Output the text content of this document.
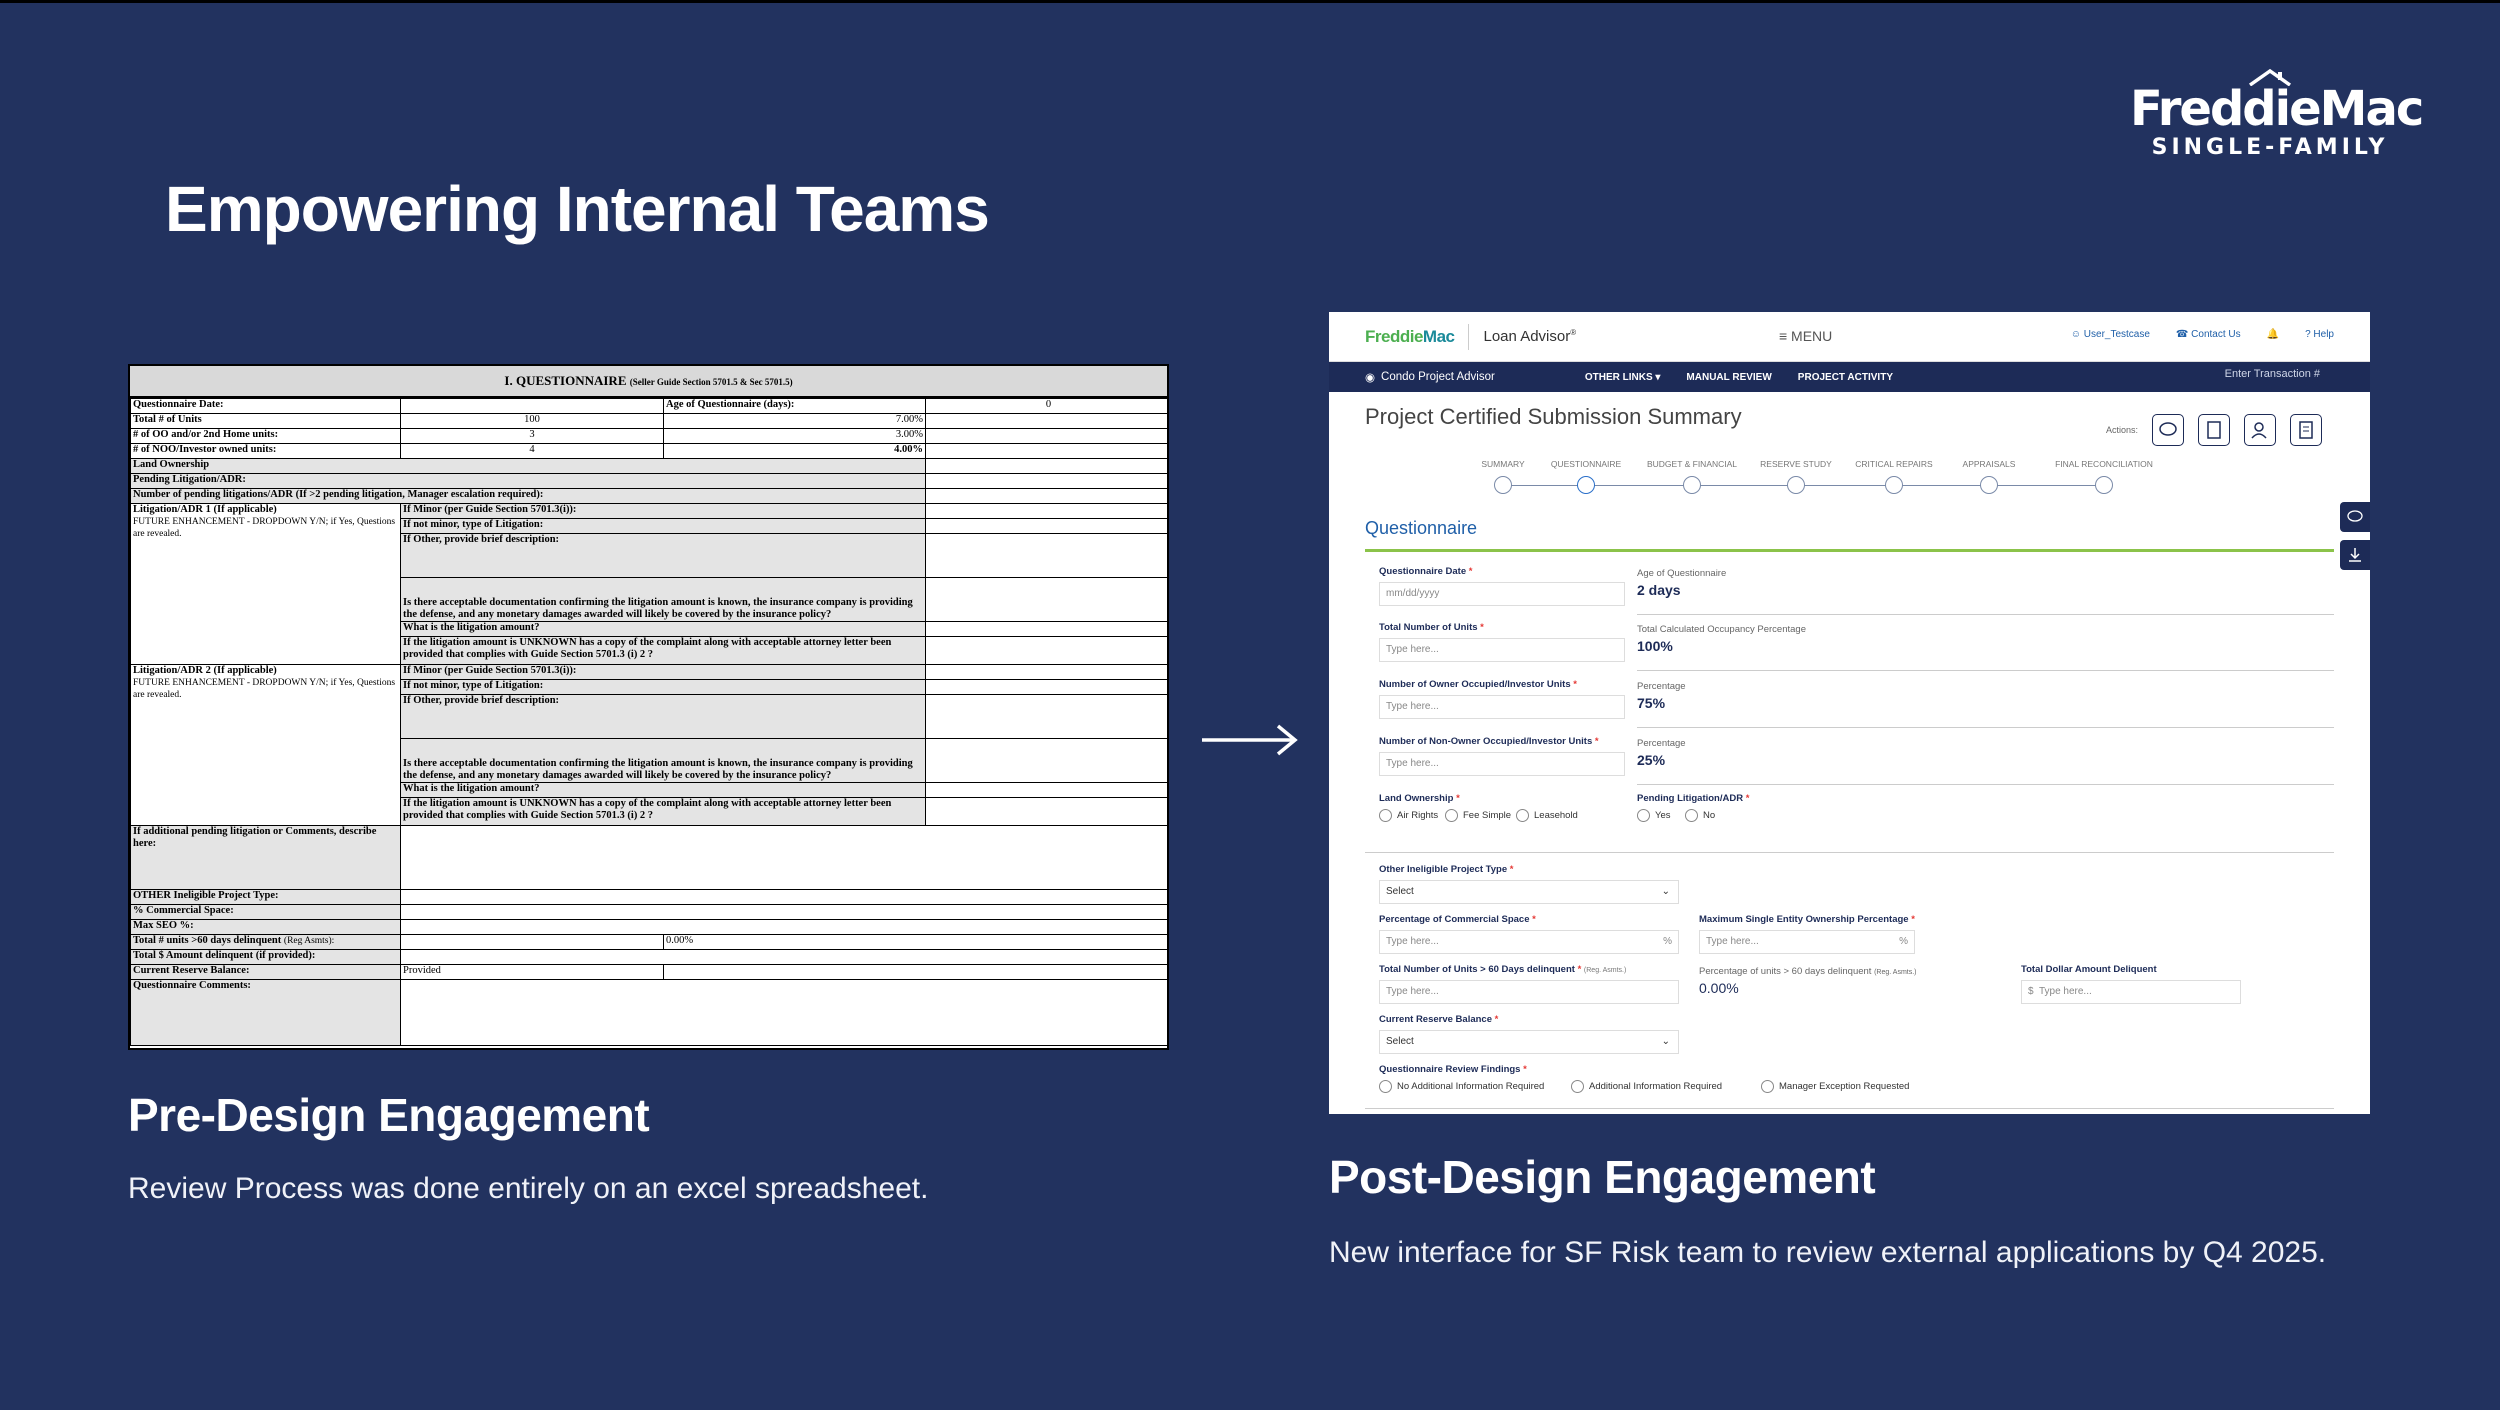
FreddieMac
SINGLE-FAMILY
Empowering Internal Teams
I. QUESTIONNAIRE (Seller Guide Section 5701.5 & Sec 5701.5)
Questionnaire Date:		Age of Questionnaire (days):	0
Total # of Units	100	7.00%	
# of OO and/or 2nd Home units:	3	3.00%	
# of NOO/Investor owned units:	4	4.00%	
Land Ownership			
Pending Litigation/ADR:			
Number of pending litigations/ADR (If >2 pending litigation, Manager escalation required):			

Litigation/ADR 1 (If applicable)
FUTURE ENHANCEMENT - DROPDOWN Y/N; if Yes, Questions are revealed.	If Minor (per Guide Section 5701.3(i)):		
	If not minor, type of Litigation:		
	If Other, provide brief description:		
	Is there acceptable documentation confirming the litigation amount is known, the insurance company is providing the defense, and any monetary damages awarded will likely be covered by the insurance policy?		
	What is the litigation amount?		
	If the litigation amount is UNKNOWN has a copy of the complaint along with acceptable attorney letter been provided that complies with Guide Section 5701.3 (i) 2 ?		

Litigation/ADR 2 (If applicable)
FUTURE ENHANCEMENT - DROPDOWN Y/N; if Yes, Questions are revealed.	If Minor (per Guide Section 5701.3(i)):		
	If not minor, type of Litigation:		
	If Other, provide brief description:		
	Is there acceptable documentation confirming the litigation amount is known, the insurance company is providing the defense, and any monetary damages awarded will likely be covered by the insurance policy?		
	What is the litigation amount?		
	If the litigation amount is UNKNOWN has a copy of the complaint along with acceptable attorney letter been provided that complies with Guide Section 5701.3 (i) 2 ?		
If additional pending litigation or Comments, describe here:			
OTHER Ineligible Project Type:			
% Commercial Space:			
Max SEO %:			
Total # units >60 days delinquent (Reg Asmts):		0.00%	
Total $ Amount delinquent (if provided):			
Current Reserve Balance:	Provided		
Questionnaire Comments:			
Pre-Design Engagement
Review Process was done entirely on an excel spreadsheet.
FreddieMac Loan Advisor®	≡ MENU	☺ User_Testcase	☎ Contact Us	🔔	? Help
◉ Condo Project Advisor	OTHER LINKS ▾	MANUAL REVIEW	PROJECT ACTIVITY	Enter Transaction #
Project Certified Submission Summary
Actions:
SUMMARY	QUESTIONNAIRE	BUDGET & FINANCIAL	RESERVE STUDY	CRITICAL REPAIRS	APPRAISALS	FINAL RECONCILIATION
Questionnaire
Questionnaire Date *
mm/dd/yyyy
Age of Questionnaire
2 days
Total Number of Units *
Type here...
Total Calculated Occupancy Percentage
100%
Number of Owner Occupied/Investor Units *
Type here...
Percentage
75%
Number of Non-Owner Occupied/Investor Units *
Type here...
Percentage
25%
Land Ownership *
Air Rights	Fee Simple Leasehold
Pending Litigation/ADR *
Yes	No
Other Ineligible Project Type *
Select	⌄
Percentage of Commercial Space *
Type here...	%
Maximum Single Entity Ownership Percentage *
Type here...	%
Total Number of Units > 60 Days delinquent * (Reg. Asmts.)
Type here...
Percentage of units > 60 days delinquent (Reg. Asmts.)
0.00%
Total Dollar Amount Deliquent
$ Type here...
Current Reserve Balance *
Select	⌄
Questionnaire Review Findings *
No Additional Information Required	Additional Information Required	Manager Exception Requested
Post-Design Engagement
New interface for SF Risk team to review external applications by Q4 2025.
